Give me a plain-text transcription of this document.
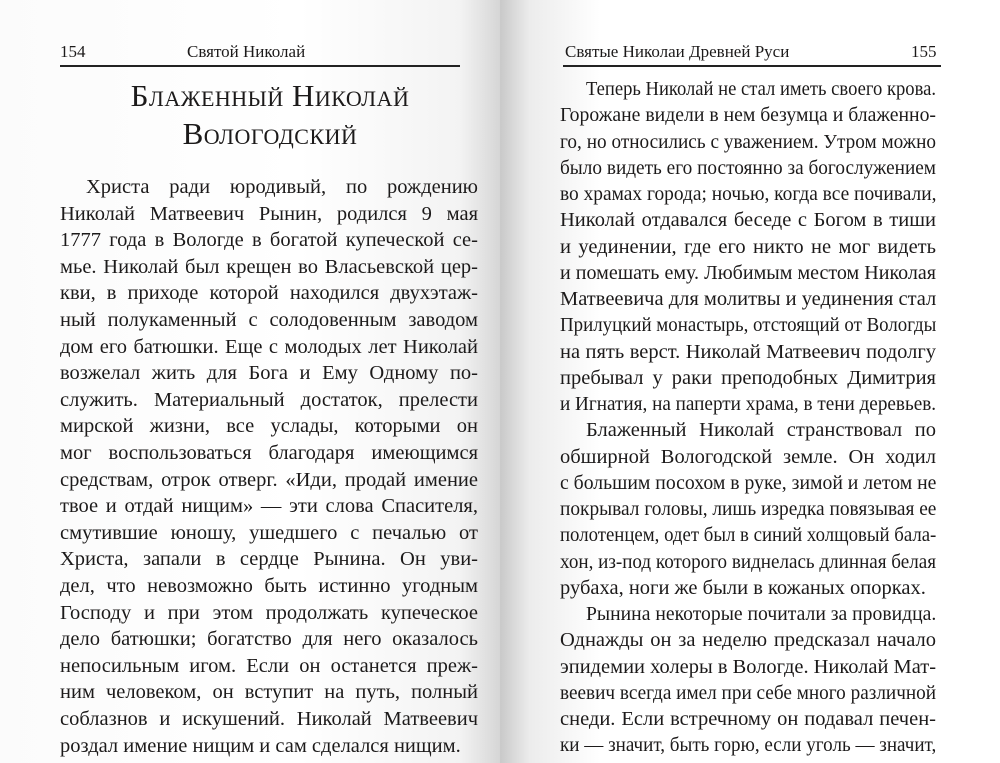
154	Святой Николай
Блаженный Николай
Вологодский
Христа ради юродивый, по рождению
Николай Матвеевич Рынин, родился 9 мая
1777 года в Вологде в богатой купеческой се-
мье. Николай был крещен во Власьевской цер-
кви, в приходе которой находился двухэтаж-
ный полукаменный с солодовенным заводом
дом его батюшки. Еще с молодых лет Николай
возжелал жить для Бога и Ему Одному по-
служить. Материальный достаток, прелести
мирской жизни, все услады, которыми он
мог воспользоваться благодаря имеющимся
средствам, отрок отверг. «Иди, продай имение
твое и отдай нищим» — эти слова Спасителя,
смутившие юношу, ушедшего с печалью от
Христа, запали в сердце Рынина. Он уви-
дел, что невозможно быть истинно угодным
Господу и при этом продолжать купеческое
дело батюшки; богатство для него оказалось
непосильным игом. Если он останется преж-
ним человеком, он вступит на путь, полный
соблазнов и искушений. Николай Матвеевич
роздал имение нищим и сам сделался нищим.
Святые Николаи Древней Руси	155
Теперь Николай не стал иметь своего крова.
Горожане видели в нем безумца и блаженно-
го, но относились с уважением. Утром можно
было видеть его постоянно за богослужением
во храмах города; ночью, когда все почивали,
Николай отдавался беседе с Богом в тиши
и уединении, где его никто не мог видеть
и помешать ему. Любимым местом Николая
Матвеевича для молитвы и уединения стал
Прилуцкий монастырь, отстоящий от Вологды
на пять верст. Николай Матвеевич подолгу
пребывал у раки преподобных Димитрия
и Игнатия, на паперти храма, в тени деревьев.
Блаженный Николай странствовал по
обширной Вологодской земле. Он ходил
с большим посохом в руке, зимой и летом не
покрывал головы, лишь изредка повязывая ее
полотенцем, одет был в синий холщовый бала-
хон, из-под которого виднелась длинная белая
рубаха, ноги же были в кожаных опорках.
Рынина некоторые почитали за провидца.
Однажды он за неделю предсказал начало
эпидемии холеры в Вологде. Николай Мат-
веевич всегда имел при себе много различной
снеди. Если встречному он подавал печен-
ки — значит, быть горю, если уголь — значит,
